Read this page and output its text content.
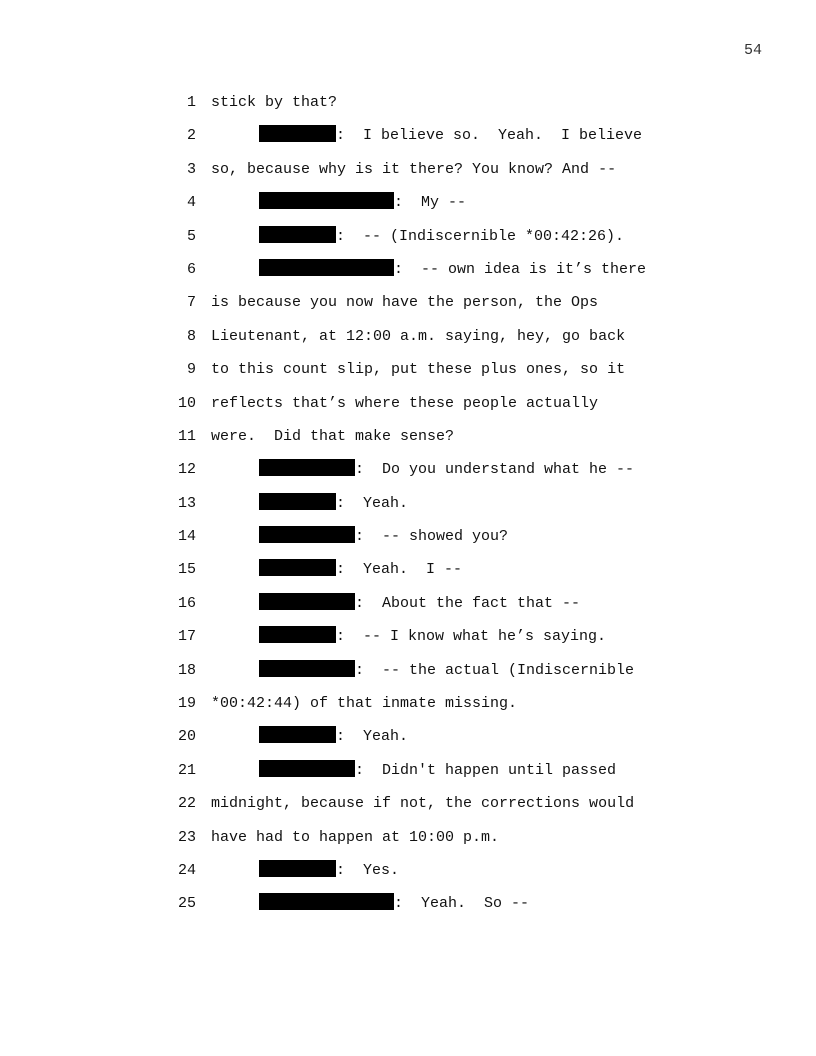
54
1 stick by that?
2	:  I believe so.  Yeah.  I believe
3 so, because why is it there? You know? And --
4	:  My --
5	:  -- (Indiscernible *00:42:26).
6	:  -- own idea is it’s there
7 is because you now have the person, the Ops
8 Lieutenant, at 12:00 a.m. saying, hey, go back
9 to this count slip, put these plus ones, so it
10 reflects that’s where these people actually
11 were.  Did that make sense?
12	:  Do you understand what he --
13	:  Yeah.
14	:  -- showed you?
15	:  Yeah.  I --
16	:  About the fact that --
17	:  -- I know what he’s saying.
18	:  -- the actual (Indiscernible
19 *00:42:44) of that inmate missing.
20	:  Yeah.
21	:  Didn't happen until passed
22 midnight, because if not, the corrections would
23 have had to happen at 10:00 p.m.
24	:  Yes.
25	:  Yeah.  So --
